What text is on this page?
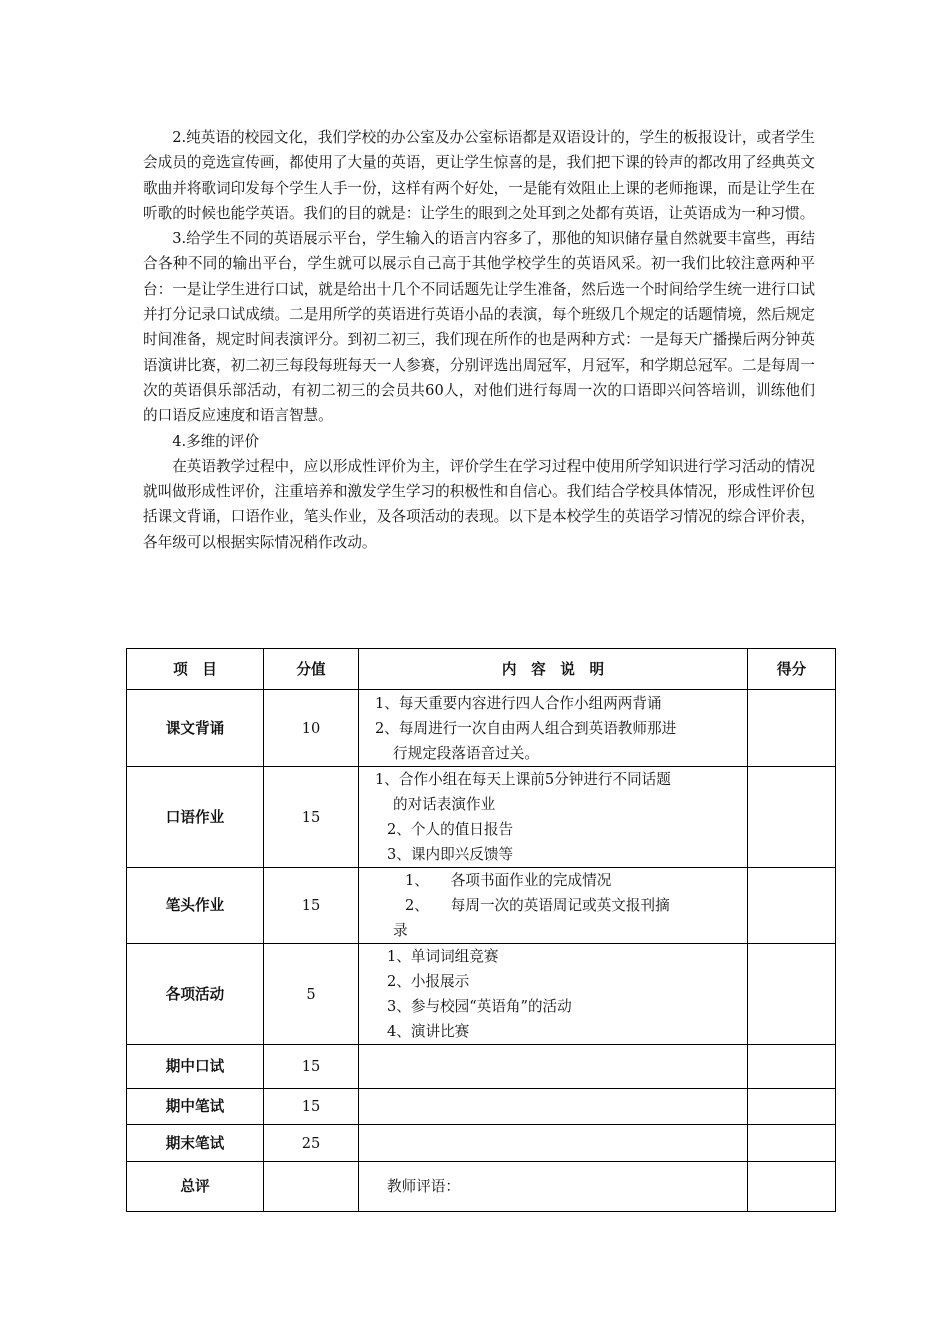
2.纯英语的校园文化，我们学校的办公室及办公室标语都是双语设计的，学生的板报设计，或者学生会成员的竞选宣传画，都使用了大量的英语，更让学生惊喜的是，我们把下课的铃声的都改用了经典英文歌曲并将歌词印发每个学生人手一份，这样有两个好处，一是能有效阻止上课的老师拖课，而是让学生在听歌的时候也能学英语。我们的目的就是：让学生的眼到之处耳到之处都有英语，让英语成为一种习惯。

3.给学生不同的英语展示平台，学生输入的语言内容多了，那他的知识储存量自然就要丰富些，再结合各种不同的输出平台，学生就可以展示自己高于其他学校学生的英语风采。初一我们比较注意两种平台：一是让学生进行口试，就是给出十几个不同话题先让学生准备，然后选一个时间给学生统一进行口试并打分记录口试成绩。二是用所学的英语进行英语小品的表演，每个班级几个规定的话题情境，然后规定时间准备，规定时间表演评分。到初二初三，我们现在所作的也是两种方式：一是每天广播操后两分钟英语演讲比赛，初二初三每段每班每天一人参赛，分别评选出周冠军，月冠军，和学期总冠军。二是每周一次的英语俱乐部活动，有初二初三的会员共60人，对他们进行每周一次的口语即兴问答培训，训练他们的口语反应速度和语言智慧。

4.多维的评价

在英语教学过程中，应以形成性评价为主，评价学生在学习过程中使用所学知识进行学习活动的情况就叫做形成性评价，注重培养和激发学生学习的积极性和自信心。我们结合学校具体情况，形成性评价包括课文背诵，口语作业，笔头作业，及各项活动的表现。以下是本校学生的英语学习情况的综合评价表，各年级可以根据实际情况稍作改动。

项　目	分值	内　容　说　明	得分
课文背诵	10	1、每天重要内容进行四人合作小组两两背诵
2、每周进行一次自由两人组合到英语教师那进
行规定段落语音过关。	

口语作业	15	1、合作小组在每天上课前5分钟进行不同话题
的对话表演作业
2、个人的值日报告
3、课内即兴反馈等	

笔头作业	15	1、　　各项书面作业的完成情况
2、　　每周一次的英语周记或英文报刊摘
录	

各项活动	5	1、单词词组竞赛
2、小报展示
3、参与校园“英语角”的活动
4、演讲比赛	

期中口试	15		
期中笔试	15		
期末笔试	25		
总评		教师评语：	
